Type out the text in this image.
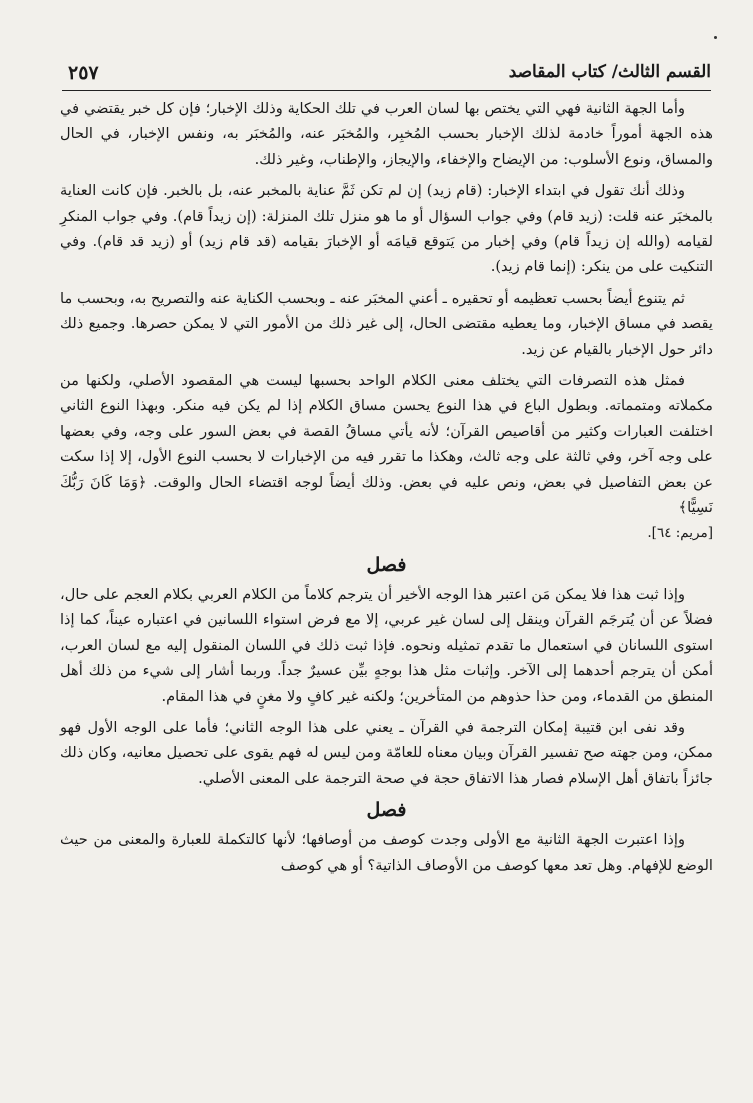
٢٥٧	القسم الثالث/ كتاب المقاصد

وأما الجهة الثانية فهي التي يختص بها لسان العرب في تلك الحكاية وذلك الإخبار؛ فإن كل خبر يقتضي في هذه الجهة أموراً خادمة لذلك الإخبار بحسب المُخبِر، والمُخبَر عنه، والمُخبَر به، ونفس الإخبار، في الحال والمساق، ونوع الأسلوب: من الإيضاح والإخفاء، والإيجاز، والإطناب، وغير ذلك.

وذلك أنك تقول في ابتداء الإخبار: (قام زيد) إن لم تكن ثَمَّ عناية بالمخبر عنه، بل بالخبر. فإن كانت العناية بالمخبَر عنه قلت: (زيد قام) وفي جواب السؤال أو ما هو منزل تلك المنزلة: (إن زيداً قام). وفي جواب المنكرِ لقيامه (والله إن زيداً قام) وفي إخبار من يَتوقع قيامَه أو الإخبارَ بقيامه (قد قام زيد) أو (زيد قد قام). وفي التنكيت على من ينكر: (إنما قام زيد).

ثم يتنوع أيضاً بحسب تعظيمه أو تحقيره ـ أعني المخبَر عنه ـ وبحسب الكناية عنه والتصريح به، وبحسب ما يقصد في مساق الإخبار، وما يعطيه مقتضى الحال، إلى غير ذلك من الأمور التي لا يمكن حصرها. وجميع ذلك دائر حول الإخبار بالقيام عن زيد.

فمثل هذه التصرفات التي يختلف معنى الكلام الواحد بحسبها ليست هي المقصود الأصلي، ولكنها من مكملاته ومتمماته. وبطول الباع في هذا النوع يحسن مساق الكلام إذا لم يكن فيه منكر. وبهذا النوع الثاني اختلفت العبارات وكثير من أقاصيص القرآن؛ لأنه يأتي مساقُ القصة في بعض السور على وجه، وفي بعضها على وجه آخر، وفي ثالثة على وجه ثالث، وهكذا ما تقرر فيه من الإخبارات لا بحسب النوع الأول، إلا إذا سكت عن بعض التفاصيل في بعض، ونص عليه في بعض. وذلك أيضاً لوجه اقتضاء الحال والوقت. ﴿وَمَا كَانَ رَبُّكَ نَسِيًّا﴾

[مريم: ٦٤].

فصل

وإذا ثبت هذا فلا يمكن مَن اعتبر هذا الوجه الأخير أن يترجم كلاماً من الكلام العربي بكلام العجم على حال، فضلاً عن أن يُترجَم القرآن وينقل إلى لسان غير عربي، إلا مع فرض استواء اللسانين في اعتباره عيناً، كما إذا استوى اللسانان في استعمال ما تقدم تمثيله ونحوه. فإذا ثبت ذلك في اللسان المنقول إليه مع لسان العرب، أمكن أن يترجم أحدهما إلى الآخر. وإثبات مثل هذا بوجهٍ بيِّن عسيرٌ جداً. وربما أشار إلى شيء من ذلك أهل المنطق من القدماء، ومن حذا حذوهم من المتأخرين؛ ولكنه غير كافٍ ولا مغنٍ في هذا المقام.

وقد نفى ابن قتيبة إمكان الترجمة في القرآن ـ يعني على هذا الوجه الثاني؛ فأما على الوجه الأول فهو ممكن، ومن جهته صح تفسير القرآن وبيان معناه للعامّة ومن ليس له فهم يقوى على تحصيل معانيه، وكان ذلك جائزاً باتفاق أهل الإسلام فصار هذا الاتفاق حجة في صحة الترجمة على المعنى الأصلي.

فصل

وإذا اعتبرت الجهة الثانية مع الأولى وجدت كوصف من أوصافها؛ لأنها كالتكملة للعبارة والمعنى من حيث الوضع للإفهام. وهل تعد معها كوصف من الأوصاف الذاتية؟ أو هي كوصف
